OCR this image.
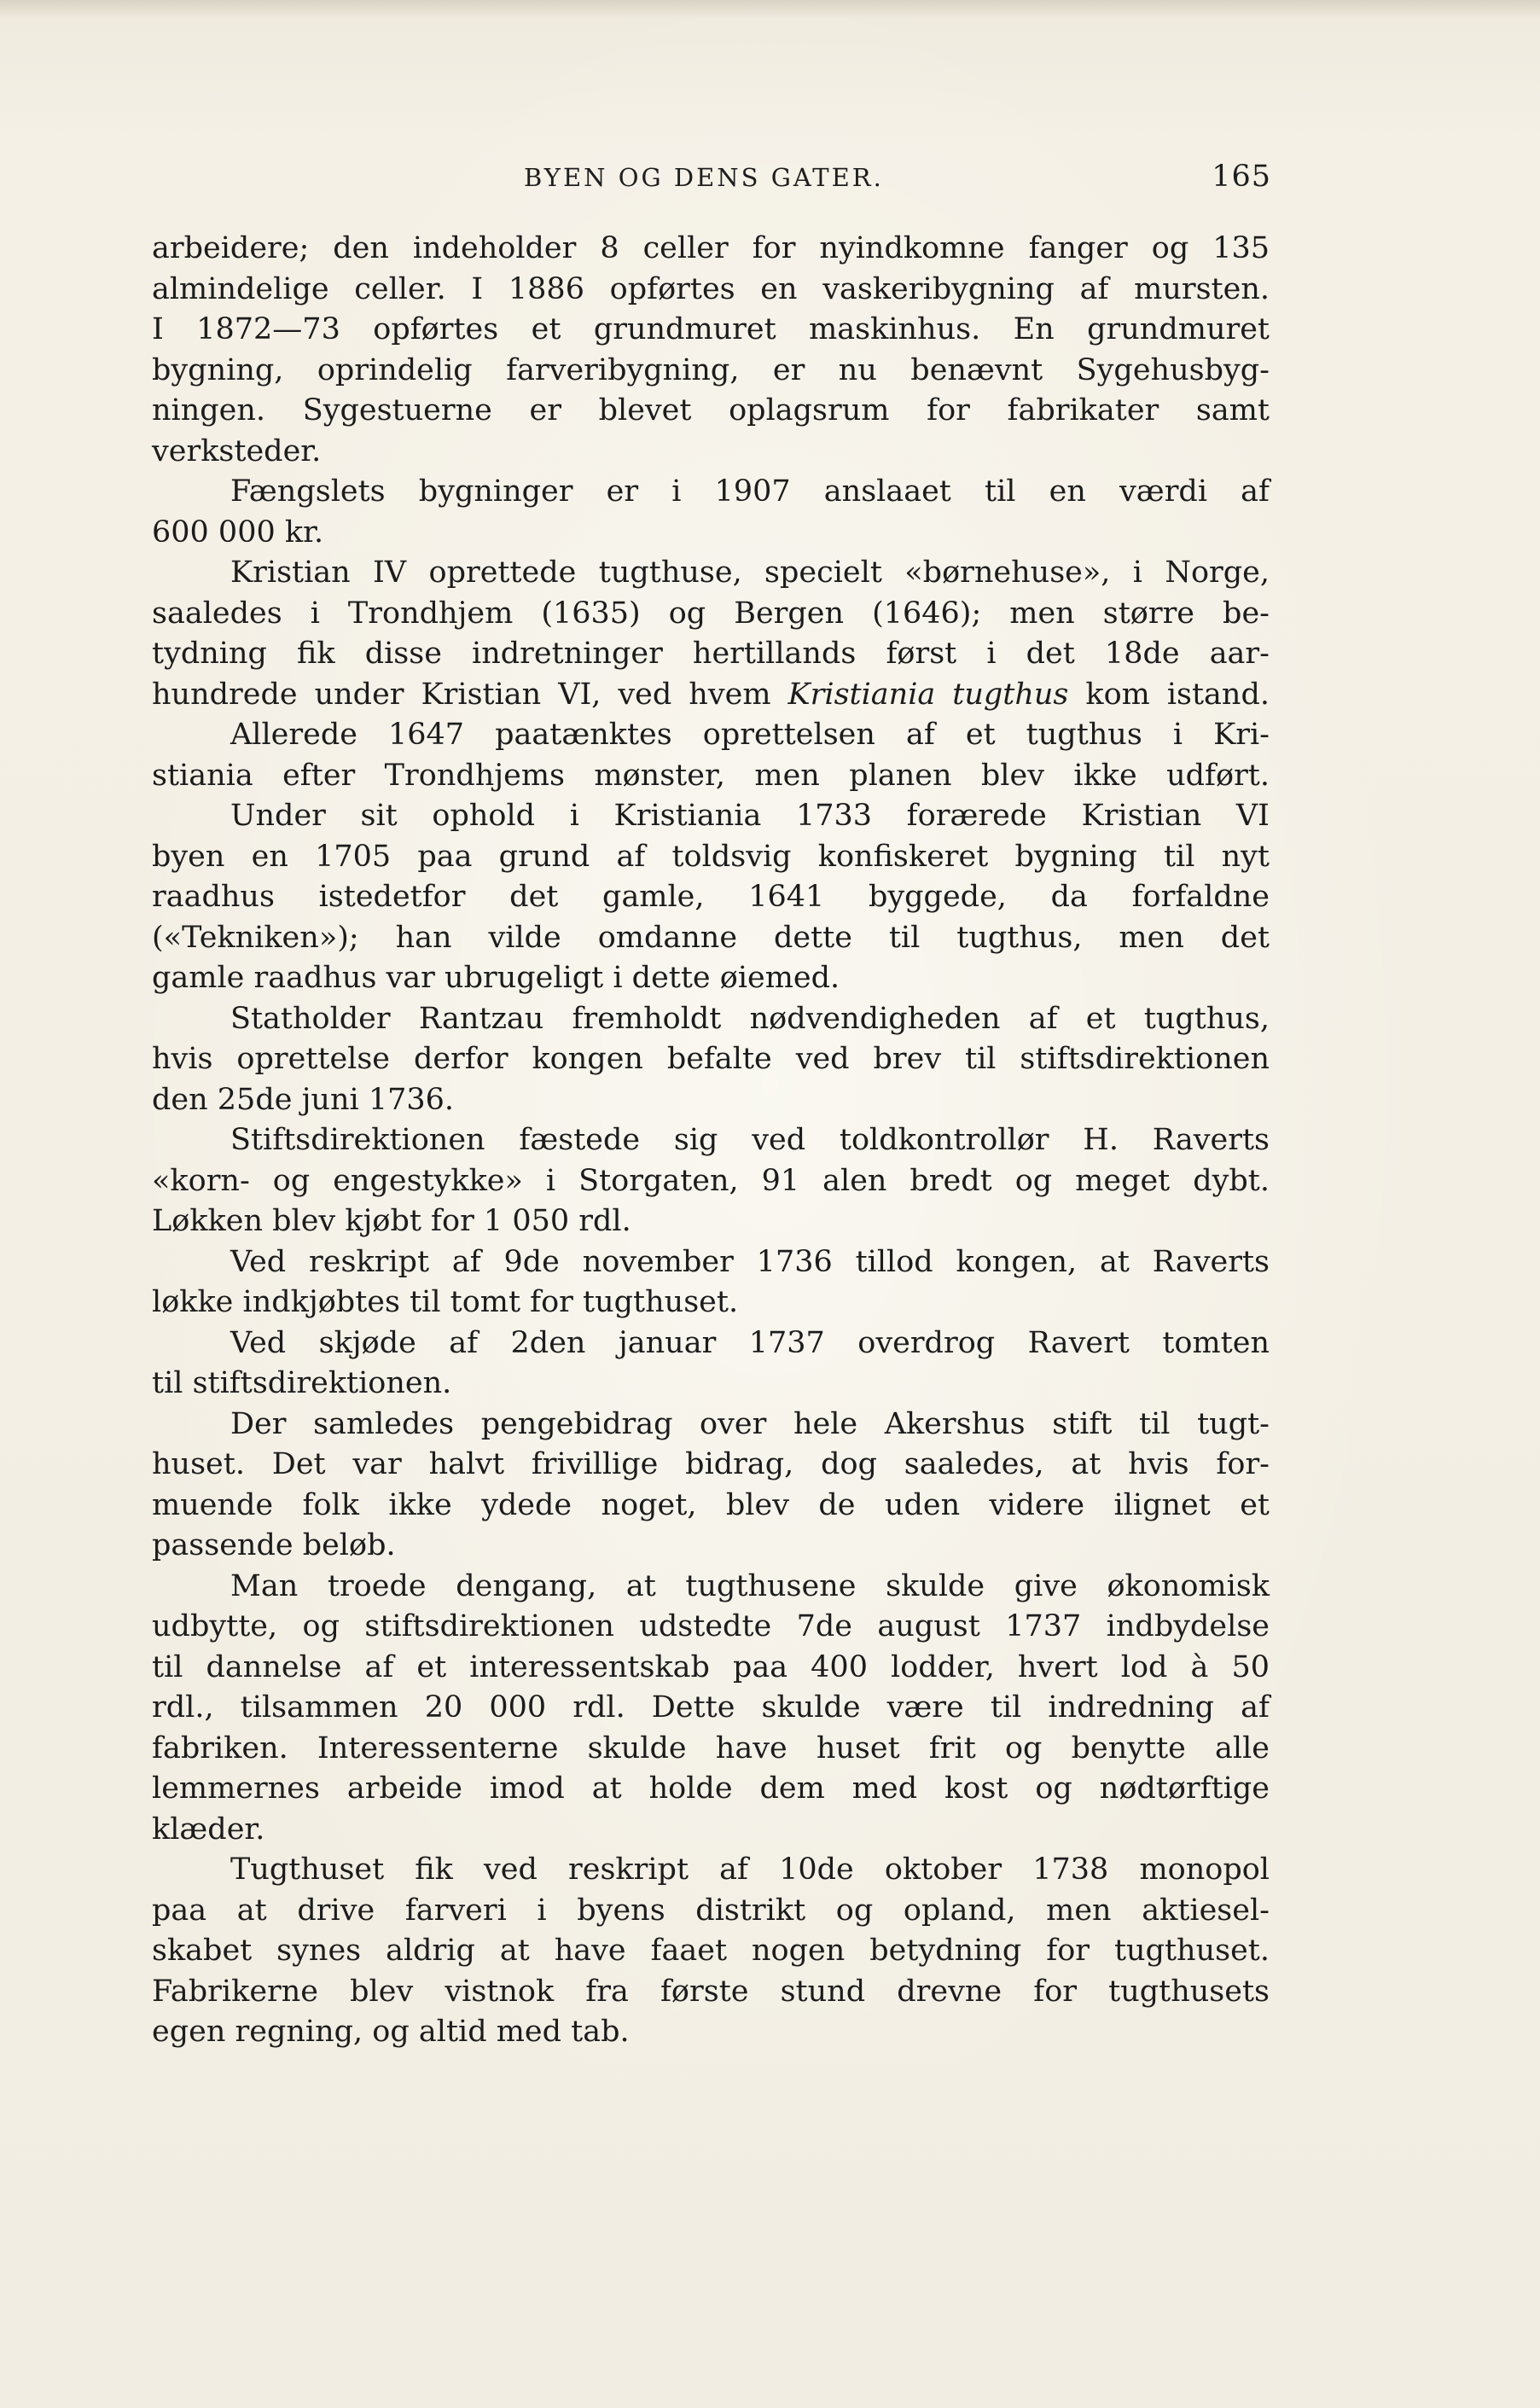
BYEN OG DENS GATER.	165
arbeidere; den indeholder 8 celler for nyindkomne fanger og 135
almindelige celler. I 1886 opførtes en vaskeribygning af mursten.
I 1872—73 opførtes et grundmuret maskinhus. En grundmuret
bygning, oprindelig farveribygning, er nu benævnt Sygehusbyg-
ningen. Sygestuerne er blevet oplagsrum for fabrikater samt
verksteder.
Fængslets bygninger er i 1907 anslaaet til en værdi af
600 000 kr.
Kristian IV oprettede tugthuse, specielt «børnehuse», i Norge,
saaledes i Trondhjem (1635) og Bergen (1646); men større be-
tydning fik disse indretninger hertillands først i det 18de aar-
hundrede under Kristian VI, ved hvem Kristiania tugthus kom istand.
Allerede 1647 paatænktes oprettelsen af et tugthus i Kri-
stiania efter Trondhjems mønster, men planen blev ikke udført.
Under sit ophold i Kristiania 1733 forærede Kristian VI
byen en 1705 paa grund af toldsvig konfiskeret bygning til nyt
raadhus istedetfor det gamle, 1641 byggede, da forfaldne
(«Tekniken»); han vilde omdanne dette til tugthus, men det
gamle raadhus var ubrugeligt i dette øiemed.
Statholder Rantzau fremholdt nødvendigheden af et tugthus,
hvis oprettelse derfor kongen befalte ved brev til stiftsdirektionen
den 25de juni 1736.
Stiftsdirektionen fæstede sig ved toldkontrollør H. Raverts
«korn- og engestykke» i Storgaten, 91 alen bredt og meget dybt.
Løkken blev kjøbt for 1 050 rdl.
Ved reskript af 9de november 1736 tillod kongen, at Raverts
løkke indkjøbtes til tomt for tugthuset.
Ved skjøde af 2den januar 1737 overdrog Ravert tomten
til stiftsdirektionen.
Der samledes pengebidrag over hele Akershus stift til tugt-
huset. Det var halvt frivillige bidrag, dog saaledes, at hvis for-
muende folk ikke ydede noget, blev de uden videre ilignet et
passende beløb.
Man troede dengang, at tugthusene skulde give økonomisk
udbytte, og stiftsdirektionen udstedte 7de august 1737 indbydelse
til dannelse af et interessentskab paa 400 lodder, hvert lod à 50
rdl., tilsammen 20 000 rdl. Dette skulde være til indredning af
fabriken. Interessenterne skulde have huset frit og benytte alle
lemmernes arbeide imod at holde dem med kost og nødtørftige
klæder.
Tugthuset fik ved reskript af 10de oktober 1738 monopol
paa at drive farveri i byens distrikt og opland, men aktiesel-
skabet synes aldrig at have faaet nogen betydning for tugthuset.
Fabrikerne blev vistnok fra første stund drevne for tugthusets
egen regning, og altid med tab.
